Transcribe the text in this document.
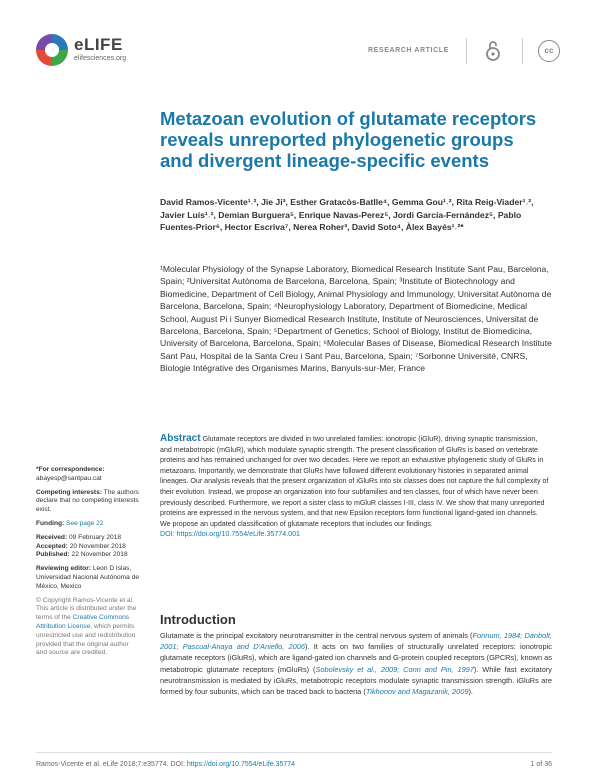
eLIFE
elifesciences.org
RESEARCH ARTICLE	cc
Metazoan evolution of glutamate receptors reveals unreported phylogenetic groups and divergent lineage-specific events
David Ramos-Vicente¹˒², Jie Ji³, Esther Gratacòs-Batlle⁴, Gemma Gou¹˒², Rita Reig-Viader¹˒², Javier Luís¹˒², Demian Burguera⁵, Enrique Navas-Perez⁵, Jordi García-Fernández⁵, Pablo Fuentes-Prior⁶, Hector Escriva⁷, Nerea Roher³, David Soto⁴, Àlex Bayés¹˒²*
¹Molecular Physiology of the Synapse Laboratory, Biomedical Research Institute Sant Pau, Barcelona, Spain; ²Universitat Autònoma de Barcelona, Barcelona, Spain; ³Institute of Biotechnology and Biomedicine, Department of Cell Biology, Animal Physiology and Immunology, Universitat Autònoma de Barcelona, Barcelona, Spain; ⁴Neurophysiology Laboratory, Department of Biomedicine, Medical School, August Pi i Sunyer Biomedical Research Institute, Institute of Neurosciences, Universitat de Barcelona, Barcelona, Spain; ⁵Department of Genetics, School of Biology, Institut de Biomedicina, University of Barcelona, Barcelona, Spain; ⁶Molecular Bases of Disease, Biomedical Research Institute Sant Pau, Hospital de la Santa Creu i Sant Pau, Barcelona, Spain; ⁷Sorbonne Université, CNRS, Biologie Intégrative des Organismes Marins, Banyuls-sur-Mer, France
*For correspondence:
abayesp@santpau.cat
Competing interests: The authors declare that no competing interests exist.
Funding: See page 22
Received: 09 February 2018
Accepted: 20 November 2018
Published: 22 November 2018
Reviewing editor: Leon D Islas, Universidad Nacional Autónoma de México, Mexico
© Copyright Ramos-Vicente et al. This article is distributed under the terms of the Creative Commons Attribution License, which permits unrestricted use and redistribution provided that the original author and source are credited.
Abstract Glutamate receptors are divided in two unrelated families: ionotropic (iGluR), driving synaptic transmission, and metabotropic (mGluR), which modulate synaptic strength. The present classification of GluRs is based on vertebrate proteins and has remained unchanged for over two decades. Here we report an exhaustive phylogenetic study of GluRs in metazoans. Importantly, we demonstrate that GluRs have followed different evolutionary histories in separated animal lineages. Our analysis reveals that the present organization of iGluRs into six classes does not capture the full complexity of their evolution. Instead, we propose an organization into four subfamilies and ten classes, four of which have never been previously described. Furthermore, we report a sister class to mGluR classes I-III, class IV. We show that many unreported proteins are expressed in the nervous system, and that new Epsilon receptors form functional ligand-gated ion channels. We propose an updated classification of glutamate receptors that includes our findings.
DOI: https://doi.org/10.7554/eLife.35774.001
Introduction
Glutamate is the principal excitatory neurotransmitter in the central nervous system of animals (Fonnum, 1984; Danbolt, 2001; Pascual-Anaya and D'Aniello, 2006). It acts on two families of structurally unrelated receptors: ionotropic glutamate receptors (iGluRs), which are ligand-gated ion channels and G-protein coupled receptors (GPCRs), known as metabotropic glutamate receptors (mGluRs) (Sobolevsky et al., 2009; Conn and Pin, 1997). While fast excitatory neurotransmission is mediated by iGluRs, metabotropic receptors modulate synaptic transmission strength. iGluRs are formed by four subunits, which can be traced back to bacteria (Tikhonov and Magazanik, 2009).
Ramos-Vicente et al. eLife 2018;7:e35774. DOI: https://doi.org/10.7554/eLife.35774	1 of 36
